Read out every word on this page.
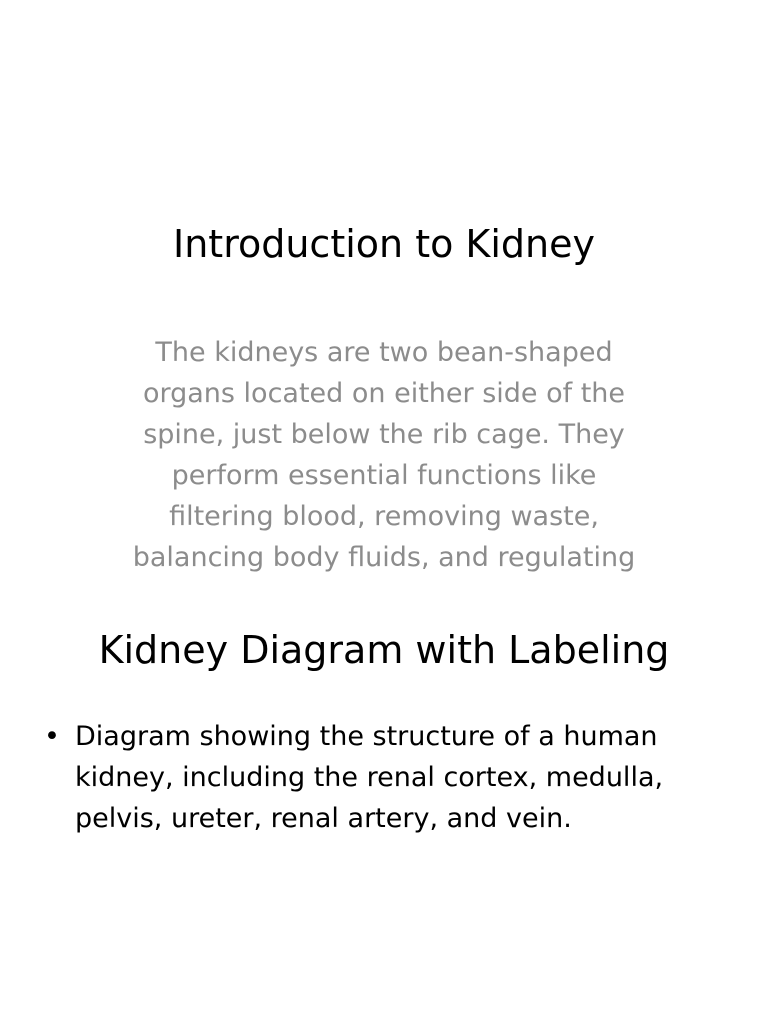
Introduction to Kidney

The kidneys are two bean-shaped organs located on either side of the spine, just below the rib cage. They perform essential functions like filtering blood, removing waste, balancing body fluids, and regulating

Kidney Diagram with Labeling
• Diagram showing the structure of a human kidney, including the renal cortex, medulla, pelvis, ureter, renal artery, and vein.
